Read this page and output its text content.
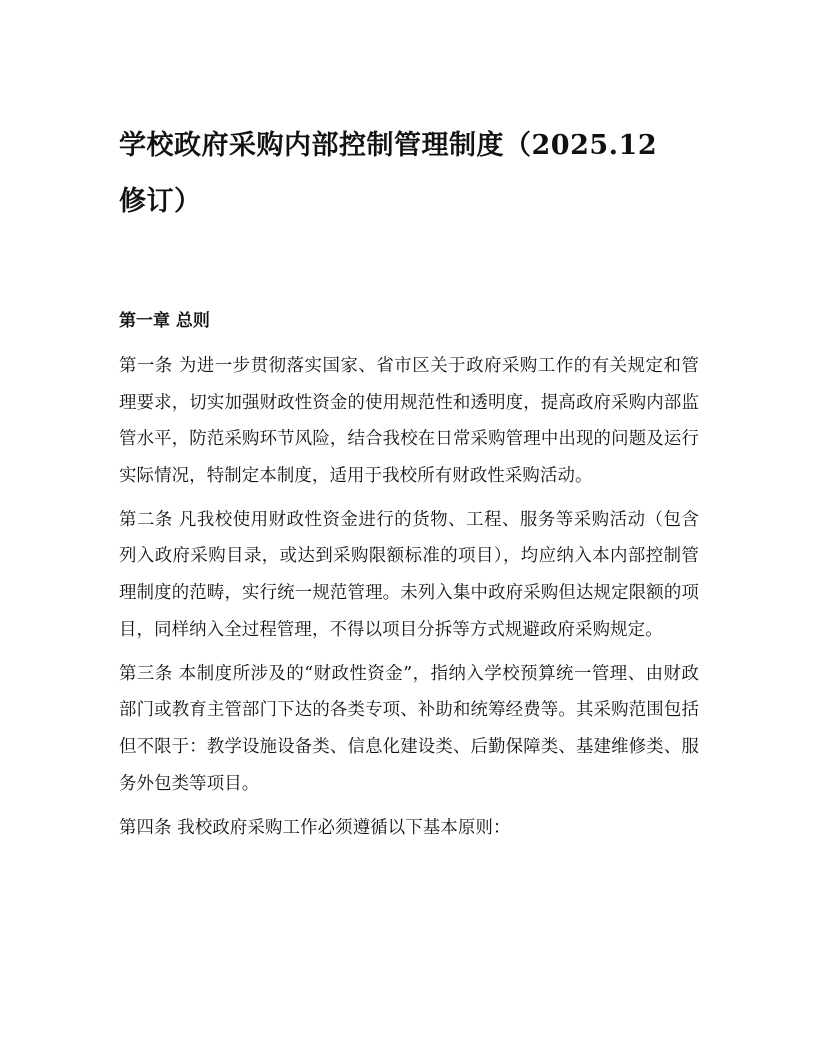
学校政府采购内部控制管理制度（2025.12
修订）
第一章 总则

第一条 为进一步贯彻落实国家、省市区关于政府采购工作的有关规定和管理要求，切实加强财政性资金的使用规范性和透明度，提高政府采购内部监管水平，防范采购环节风险，结合我校在日常采购管理中出现的问题及运行实际情况，特制定本制度，适用于我校所有财政性采购活动。

第二条 凡我校使用财政性资金进行的货物、工程、服务等采购活动（包含列入政府采购目录，或达到采购限额标准的项目），均应纳入本内部控制管理制度的范畴，实行统一规范管理。未列入集中政府采购但达规定限额的项目，同样纳入全过程管理，不得以项目分拆等方式规避政府采购规定。

第三条 本制度所涉及的“财政性资金”，指纳入学校预算统一管理、由财政部门或教育主管部门下达的各类专项、补助和统筹经费等。其采购范围包括但不限于：教学设施设备类、信息化建设类、后勤保障类、基建维修类、服务外包类等项目。

第四条 我校政府采购工作必须遵循以下基本原则：
